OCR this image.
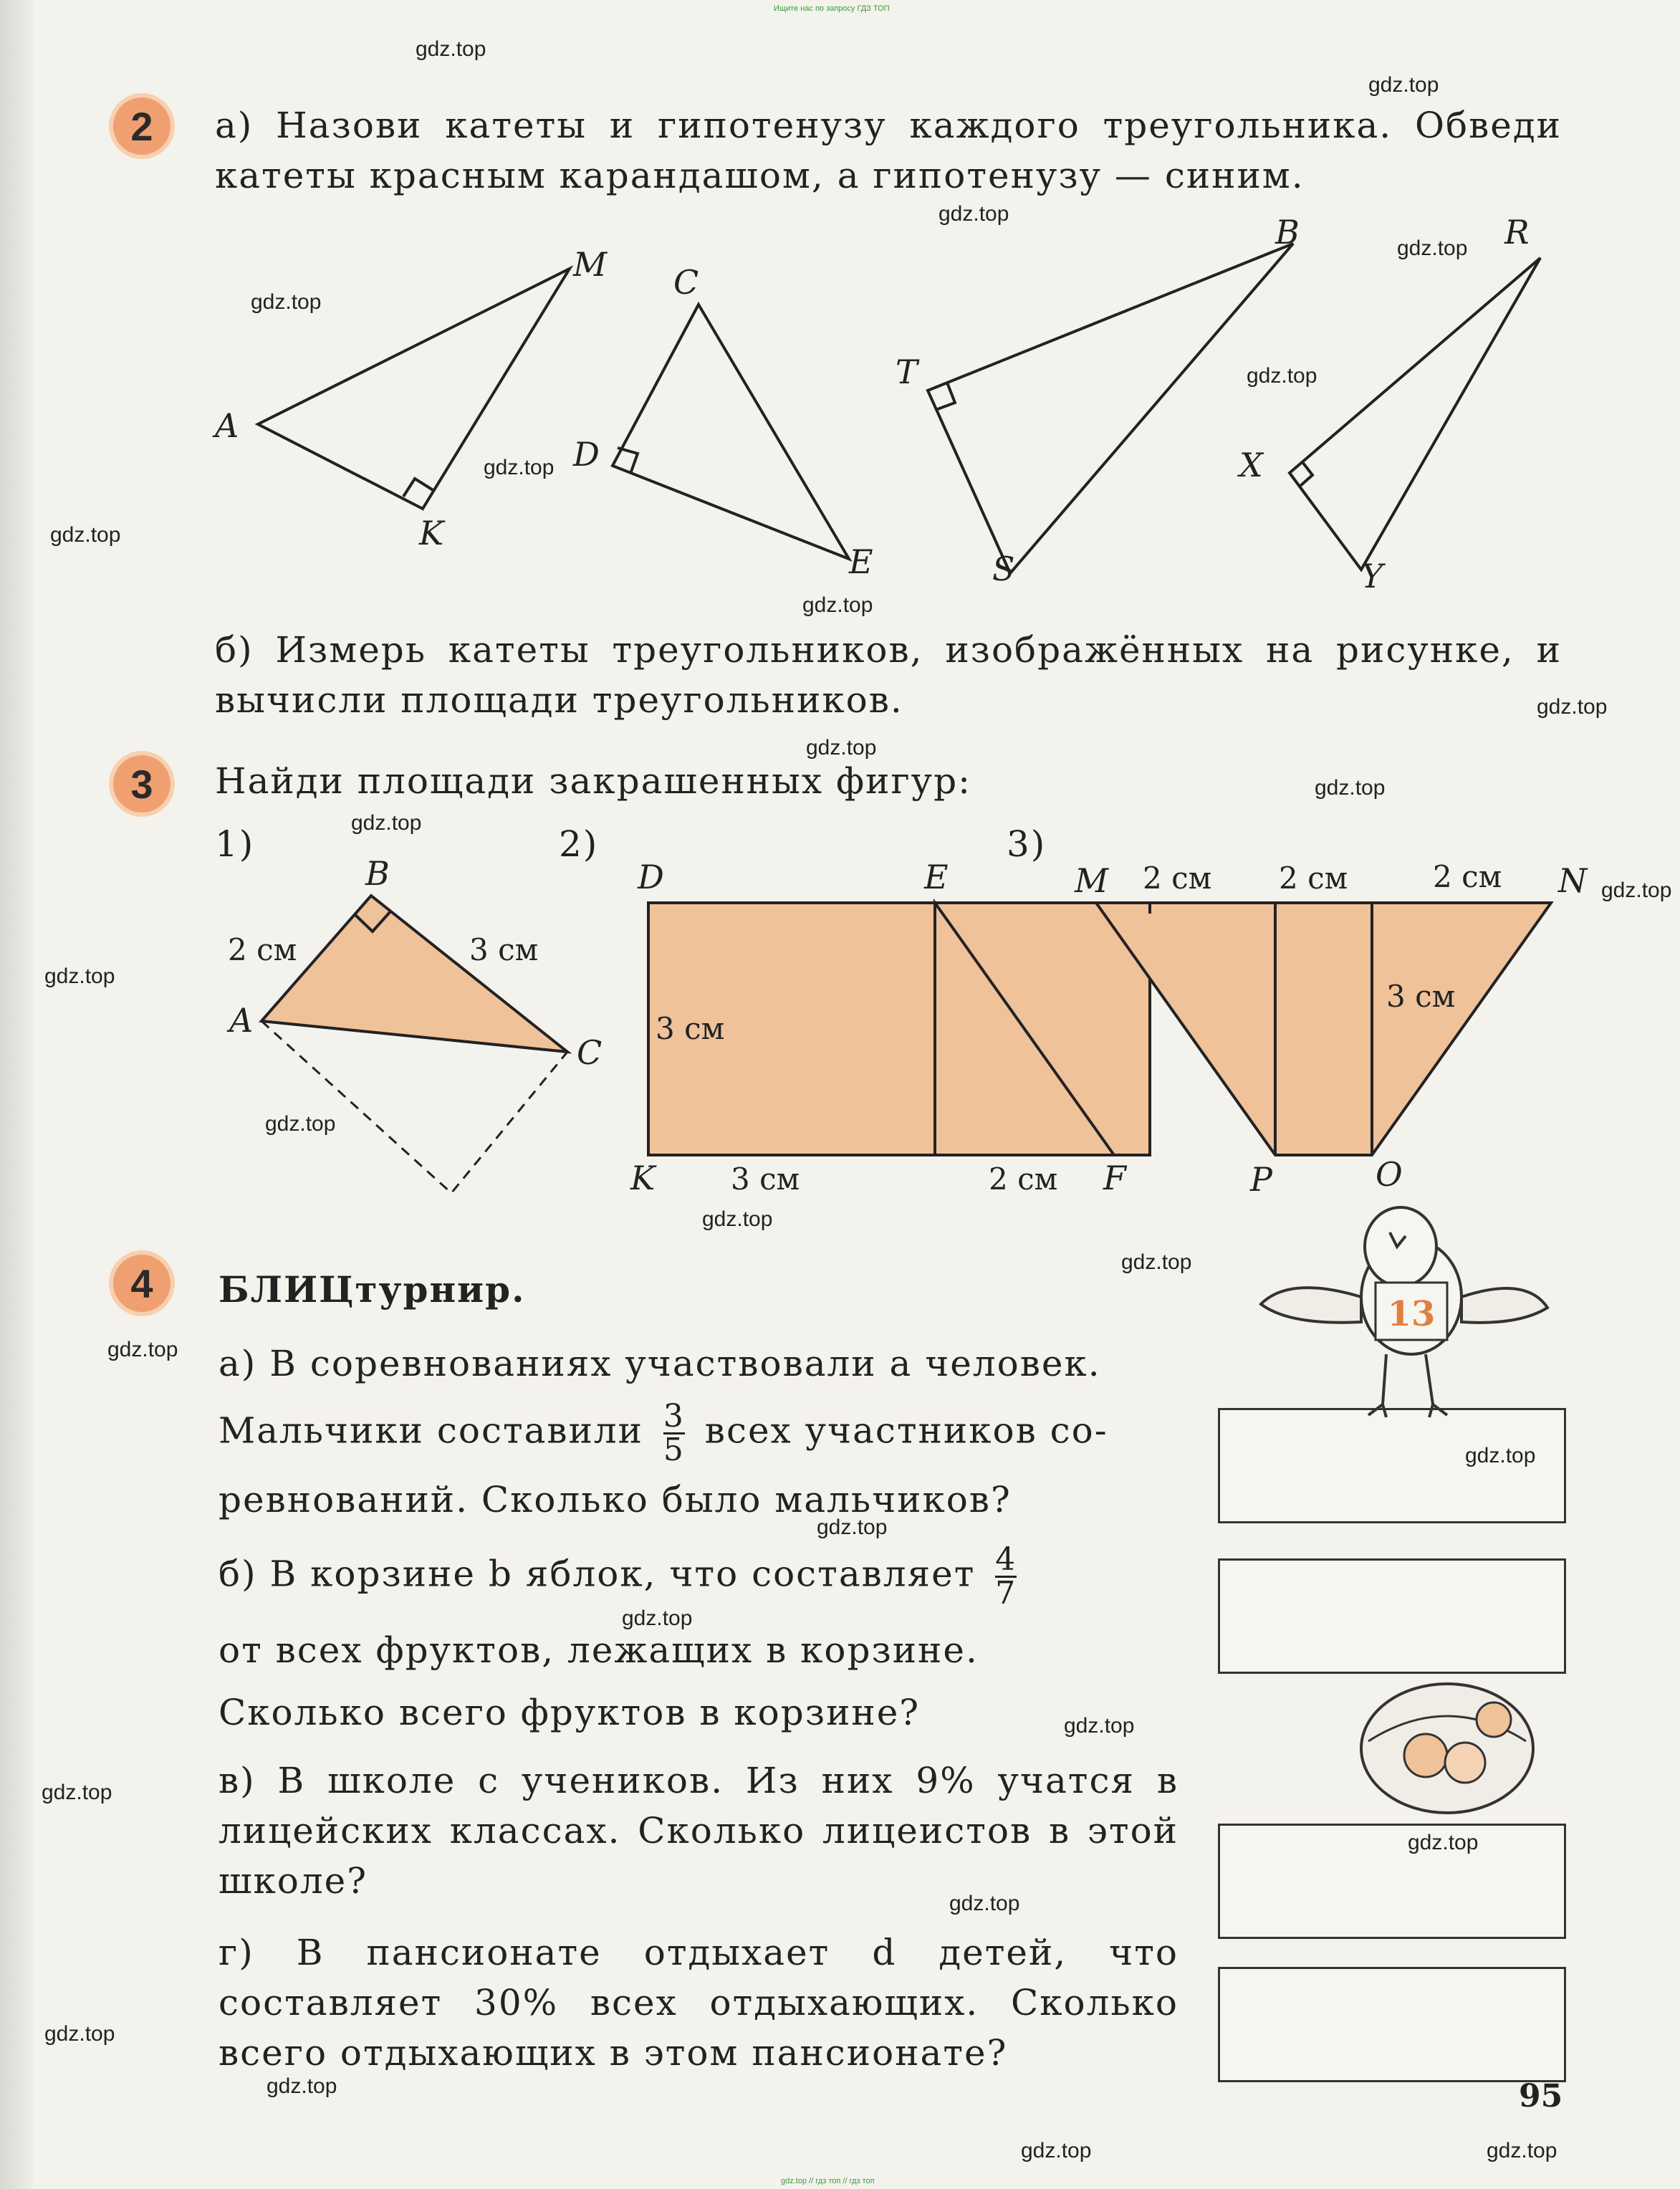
Ищите нас по запросу ГДЗ ТОП
2	а) Назови катеты и гипотенузу каждого треугольника. Обведи катеты красным карандашом, а гипотенузу — синим.
A
M
K
C
D
E
B
T
S
R
X
Y
б) Измерь катеты треугольников, изображённых на рисунке, и вычисли площади треугольников.
3	Найди площади закрашенных фигур:
1)	2)	3)
A
B
C
D	E
K	F
M	N
P	O
2 см	3 см
3 см
3 см	2 см
2 см 2 см	2 см
3 см
4	БЛИЦтурнир.
а) В соревнованиях участвовали a человек.
Мальчики составили $\frac{3}{5}$ всех участников со-
ревнований. Сколько было мальчиков?
б) В корзине b яблок, что составляет $\frac{4}{7}$
от всех фруктов, лежащих в корзине.
Сколько всего фруктов в корзине?
в) В школе c учеников. Из них 9% учатся в лицейских классах. Сколько лицеистов в этой школе?
г) В пансионате отдыхает d детей, что составляет 30% всех отдыхающих. Сколько всего отдыхающих в этом пансионате?
13
gdz.top
gdz.top
gdz.top
gdz.top
gdz.top
gdz.top
gdz.top
gdz.top
gdz.top
gdz.top
gdz.top
gdz.top
gdz.top
gdz.top
gdz.top
gdz.top
gdz.top
gdz.top
gdz.top
gdz.top
gdz.top
gdz.top
gdz.top
gdz.top
gdz.top
gdz.top
gdz.top
gdz.top
gdz.top	gdz.top
95
gdz.top // гдз топ // гдз топ
